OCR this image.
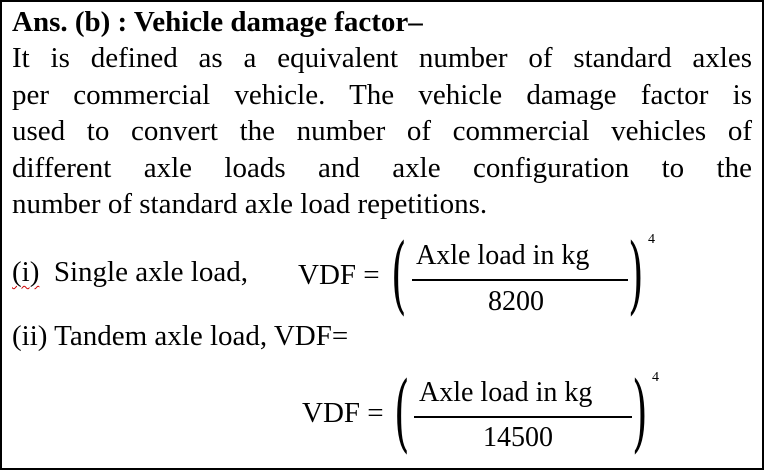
Ans. (b) : Vehicle damage factor–
It is defined as a equivalent number of standard axles
per commercial vehicle. The vehicle damage factor is
used to convert the number of commercial vehicles of
different axle loads and axle configuration to the
number of standard axle load repetitions.
(i) Single axle load, VDF = ( Axle load in kg
8200 ) 4
(ii) Tandem axle load, VDF=
VDF = ( Axle load in kg
14500 ) 4
